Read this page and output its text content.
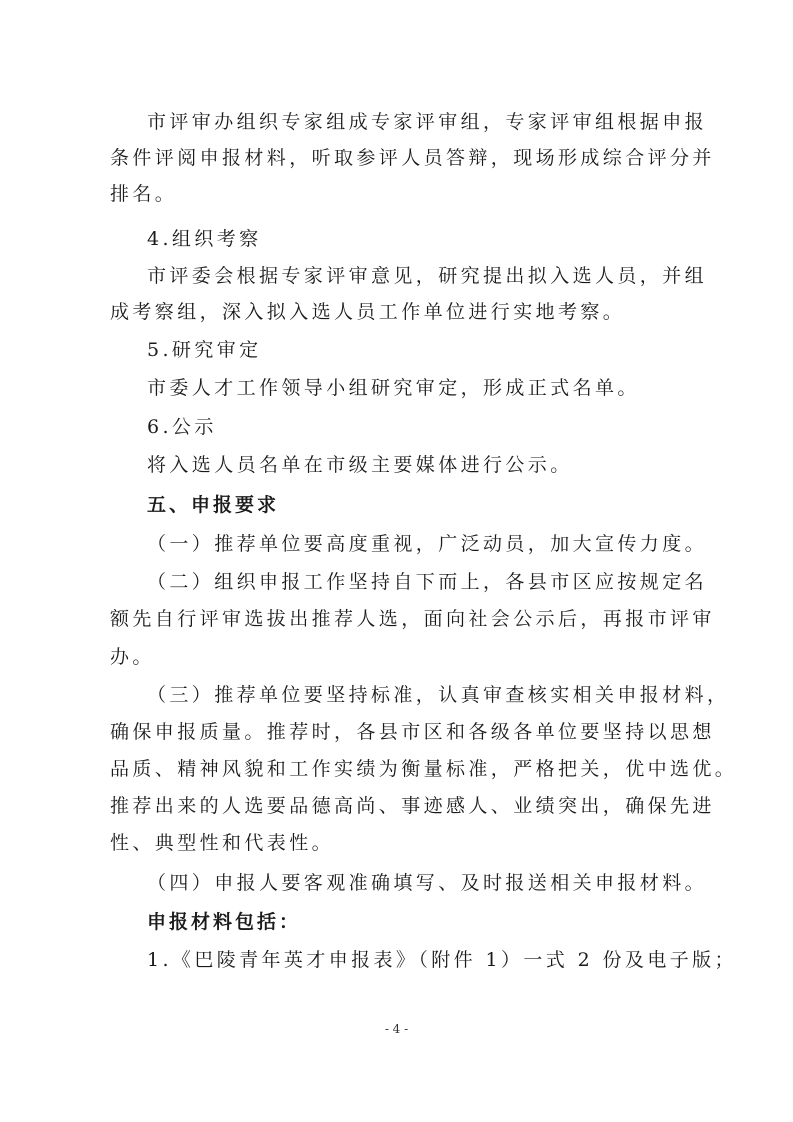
市评审办组织专家组成专家评审组，专家评审组根据申报

条件评阅申报材料，听取参评人员答辩，现场形成综合评分并

排名。

4.组织考察

市评委会根据专家评审意见，研究提出拟入选人员，并组

成考察组，深入拟入选人员工作单位进行实地考察。

5.研究审定

市委人才工作领导小组研究审定，形成正式名单。

6.公示

将入选人员名单在市级主要媒体进行公示。

五、申报要求

（一）推荐单位要高度重视，广泛动员，加大宣传力度。

（二）组织申报工作坚持自下而上，各县市区应按规定名

额先自行评审选拔出推荐人选，面向社会公示后，再报市评审

办。

（三）推荐单位要坚持标准，认真审查核实相关申报材料，

确保申报质量。推荐时，各县市区和各级各单位要坚持以思想

品质、精神风貌和工作实绩为衡量标准，严格把关，优中选优。

推荐出来的人选要品德高尚、事迹感人、业绩突出，确保先进

性、典型性和代表性。

（四）申报人要客观准确填写、及时报送相关申报材料。

申报材料包括：

1.《巴陵青年英才申报表》（附件 1）一式 2 份及电子版；

- 4 -
